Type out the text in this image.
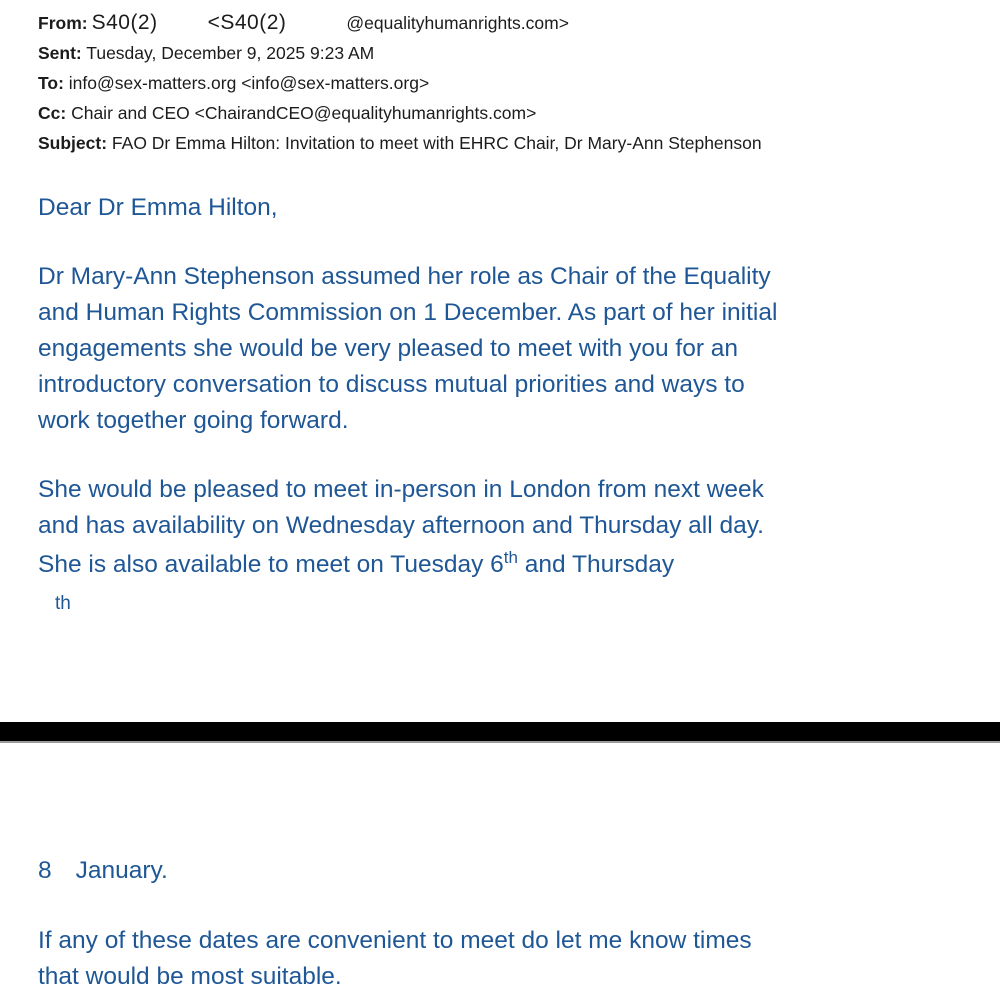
From: S40(2) <S40(2)	@equalityhumanrights.com>
Sent: Tuesday, December 9, 2025 9:23 AM
To: info@sex-matters.org <info@sex-matters.org>
Cc: Chair and CEO <ChairandCEO@equalityhumanrights.com>
Subject: FAO Dr Emma Hilton: Invitation to meet with EHRC Chair, Dr Mary-Ann Stephenson
Dear Dr Emma Hilton,
Dr Mary-Ann Stephenson assumed her role as Chair of the Equality
and Human Rights Commission on 1 December. As part of her initial
engagements she would be very pleased to meet with you for an
introductory conversation to discuss mutual priorities and ways to
work together going forward.
She would be pleased to meet in-person in London from next week
and has availability on Wednesday afternoon and Thursday all day.
She is also available to meet on Tuesday 6th and Thursday
th
8 January.
If any of these dates are convenient to meet do let me know times
that would be most suitable.
